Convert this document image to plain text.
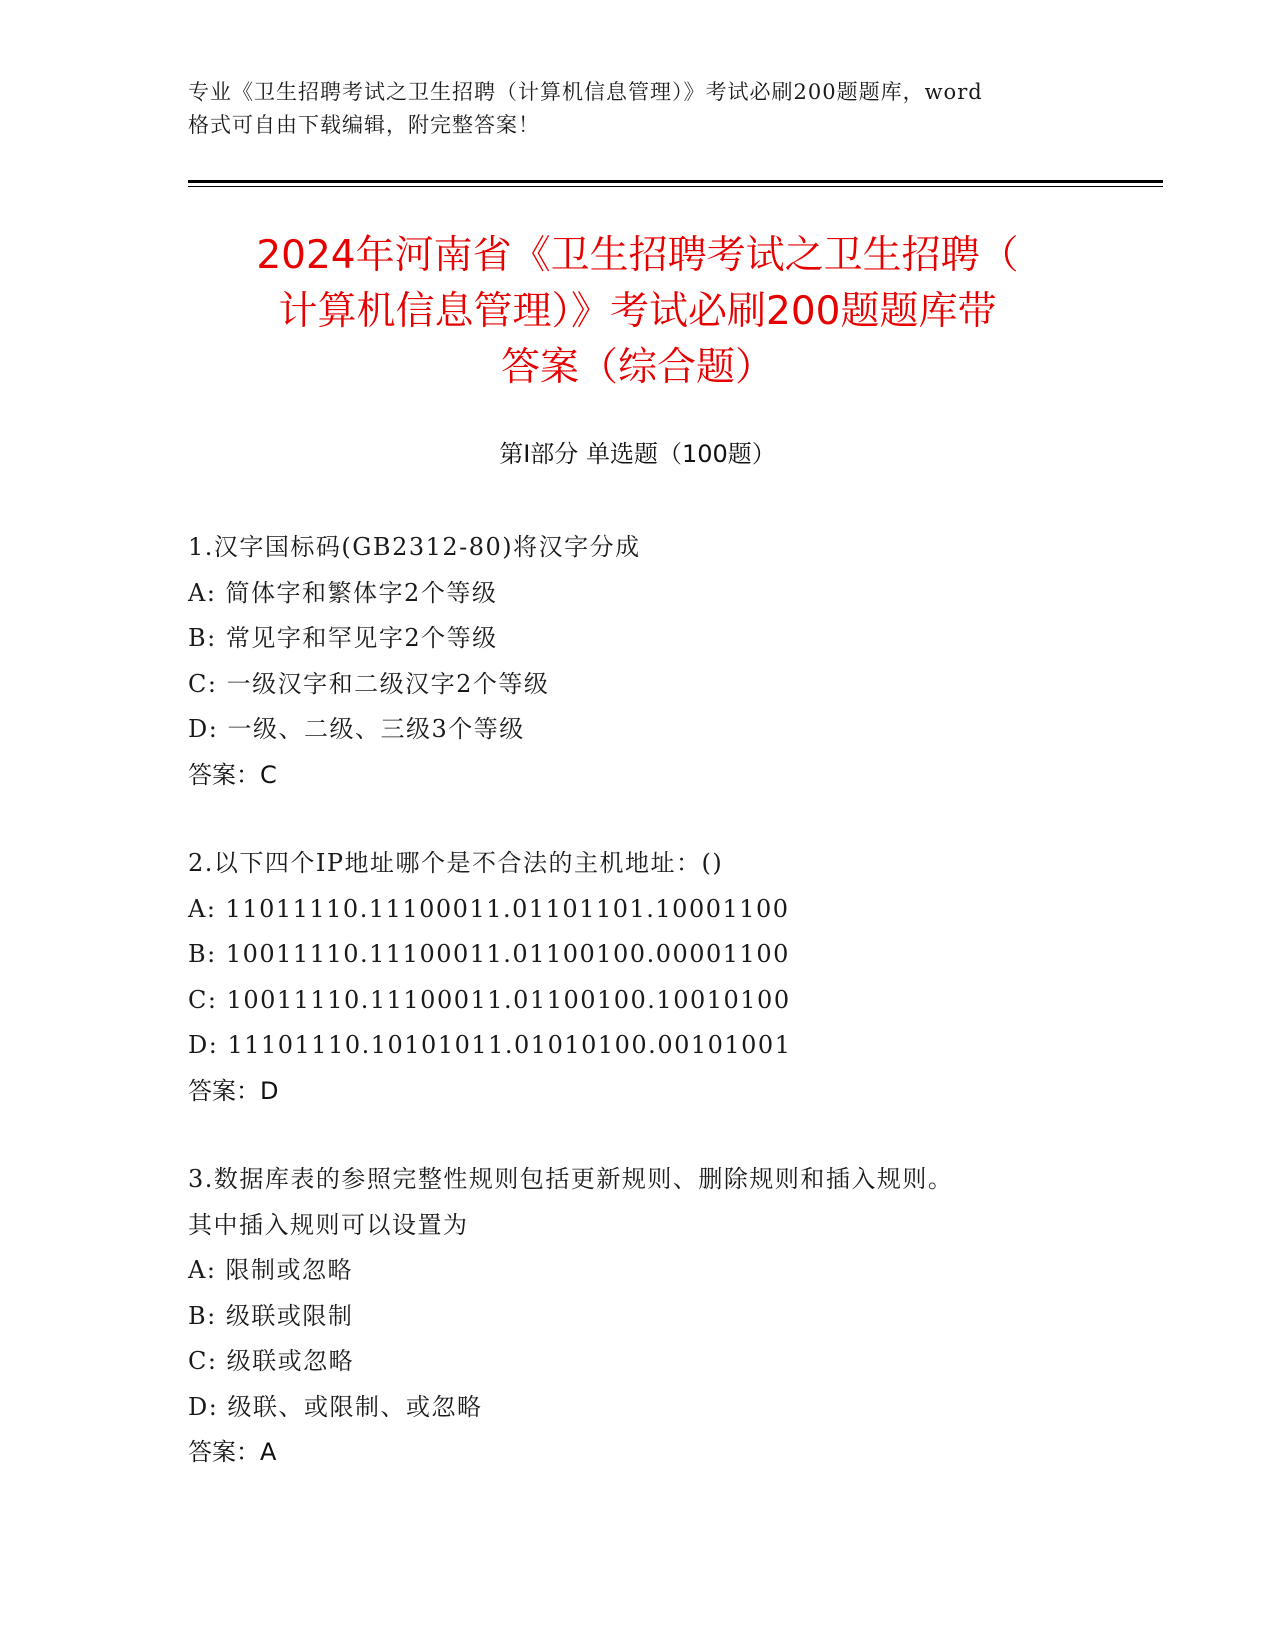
专业《卫生招聘考试之卫生招聘（计算机信息管理）》考试必刷200题题库，word
格式可自由下载编辑，附完整答案！
2024年河南省《卫生招聘考试之卫生招聘（
计算机信息管理）》考试必刷200题题库带
答案（综合题）
第I部分 单选题（100题）
1.汉字国标码(GB2312-80)将汉字分成
A: 简体字和繁体字2个等级
B: 常见字和罕见字2个等级
C: 一级汉字和二级汉字2个等级
D: 一级、二级、三级3个等级
答案：C
2.以下四个IP地址哪个是不合法的主机地址：()
A: 11011110.11100011.01101101.10001100
B: 10011110.11100011.01100100.00001100
C: 10011110.11100011.01100100.10010100
D: 11101110.10101011.01010100.00101001
答案：D
3.数据库表的参照完整性规则包括更新规则、删除规则和插入规则。
其中插入规则可以设置为
A: 限制或忽略
B: 级联或限制
C: 级联或忽略
D: 级联、或限制、或忽略
答案：A
